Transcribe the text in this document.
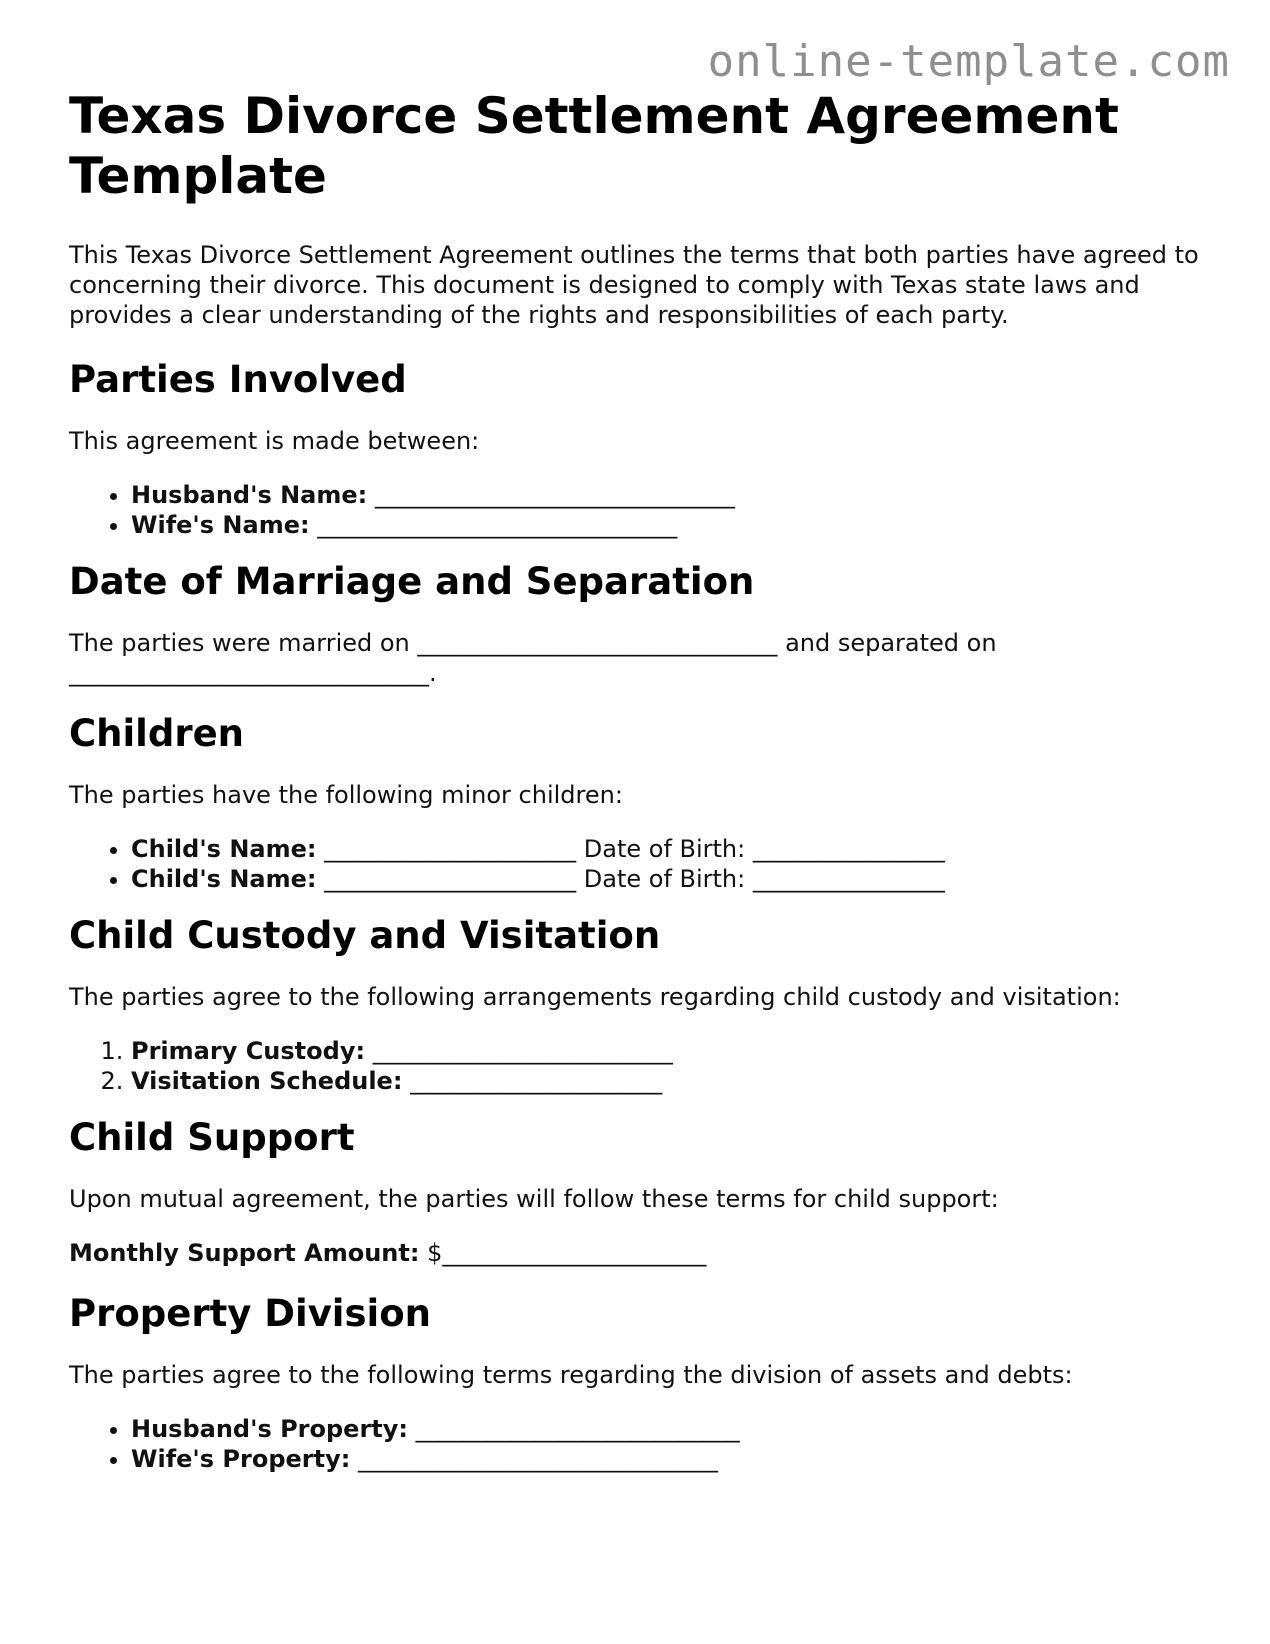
online-template.com
Texas Divorce Settlement Agreement Template

This Texas Divorce Settlement Agreement outlines the terms that both parties have agreed to concerning their divorce. This document is designed to comply with Texas state laws and provides a clear understanding of the rights and responsibilities of each party.

Parties Involved

This agreement is made between:

• Husband's Name: ______________________________
• Wife's Name: ______________________________
Date of Marriage and Separation

The parties were married on ______________________________ and separated on ______________________________.

Children

The parties have the following minor children:

• Child's Name: _____________________ Date of Birth: ________________
• Child's Name: _____________________ Date of Birth: ________________
Child Custody and Visitation

The parties agree to the following arrangements regarding child custody and visitation:

1. Primary Custody: _________________________
2. Visitation Schedule: _____________________
Child Support

Upon mutual agreement, the parties will follow these terms for child support:

Monthly Support Amount: $______________________

Property Division

The parties agree to the following terms regarding the division of assets and debts:

• Husband's Property: ___________________________
• Wife's Property: ______________________________
